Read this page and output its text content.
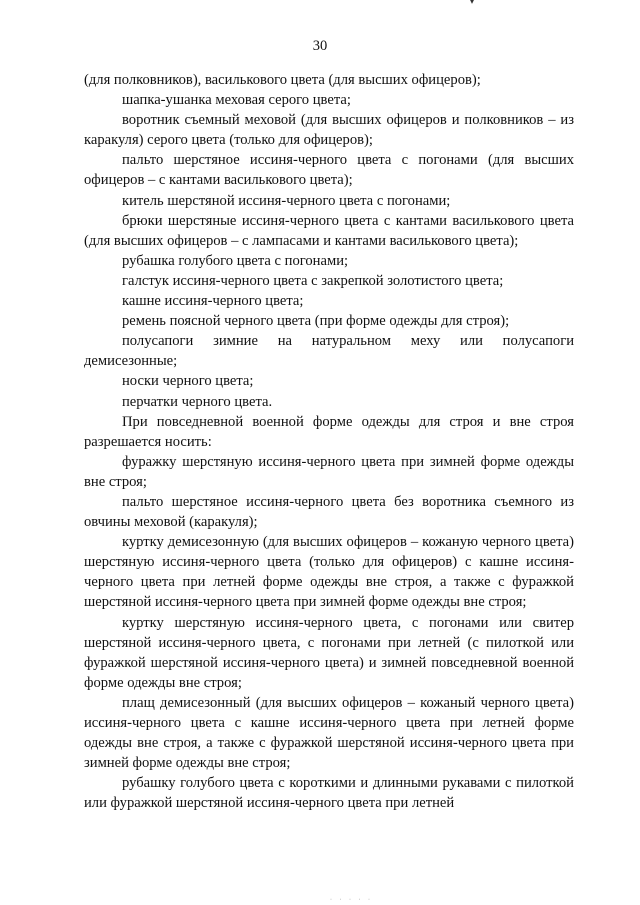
▾
30

(для полковников), василькового цвета (для высших офицеров);

шапка-ушанка меховая серого цвета;

воротник съемный меховой (для высших офицеров и полковников – из каракуля) серого цвета (только для офицеров);

пальто шерстяное иссиня-черного цвета с погонами (для высших офицеров – с кантами василькового цвета);

китель шерстяной иссиня-черного цвета с погонами;

брюки шерстяные иссиня-черного цвета с кантами василькового цвета (для высших офицеров – с лампасами и кантами василькового цвета);

рубашка голубого цвета с погонами;

галстук иссиня-черного цвета с закрепкой золотистого цвета;

кашне иссиня-черного цвета;

ремень поясной черного цвета (при форме одежды для строя);

полусапоги зимние на натуральном меху или полусапоги демисезонные;

носки черного цвета;

перчатки черного цвета.

При повседневной военной форме одежды для строя и вне строя разрешается носить:

фуражку шерстяную иссиня-черного цвета при зимней форме одежды вне строя;

пальто шерстяное иссиня-черного цвета без воротника съемного из овчины меховой (каракуля);

куртку демисезонную (для высших офицеров – кожаную черного цвета) шерстяную иссиня-черного цвета (только для офицеров) с кашне иссиня-черного цвета при летней форме одежды вне строя, а также с фуражкой шерстяной иссиня-черного цвета при зимней форме одежды вне строя;

куртку шерстяную иссиня-черного цвета, с погонами или свитер шерстяной иссиня-черного цвета, с погонами при летней (с пилоткой или фуражкой шерстяной иссиня-черного цвета) и зимней повседневной военной форме одежды вне строя;

плащ демисезонный (для высших офицеров – кожаный черного цвета) иссиня-черного цвета с кашне иссиня-черного цвета при летней форме одежды вне строя, а также с фуражкой шерстяной иссиня-черного цвета при зимней форме одежды вне строя;

рубашку голубого цвета с короткими и длинными рукавами с пилоткой или фуражкой шерстяной иссиня-черного цвета при летней

· · · · ·
